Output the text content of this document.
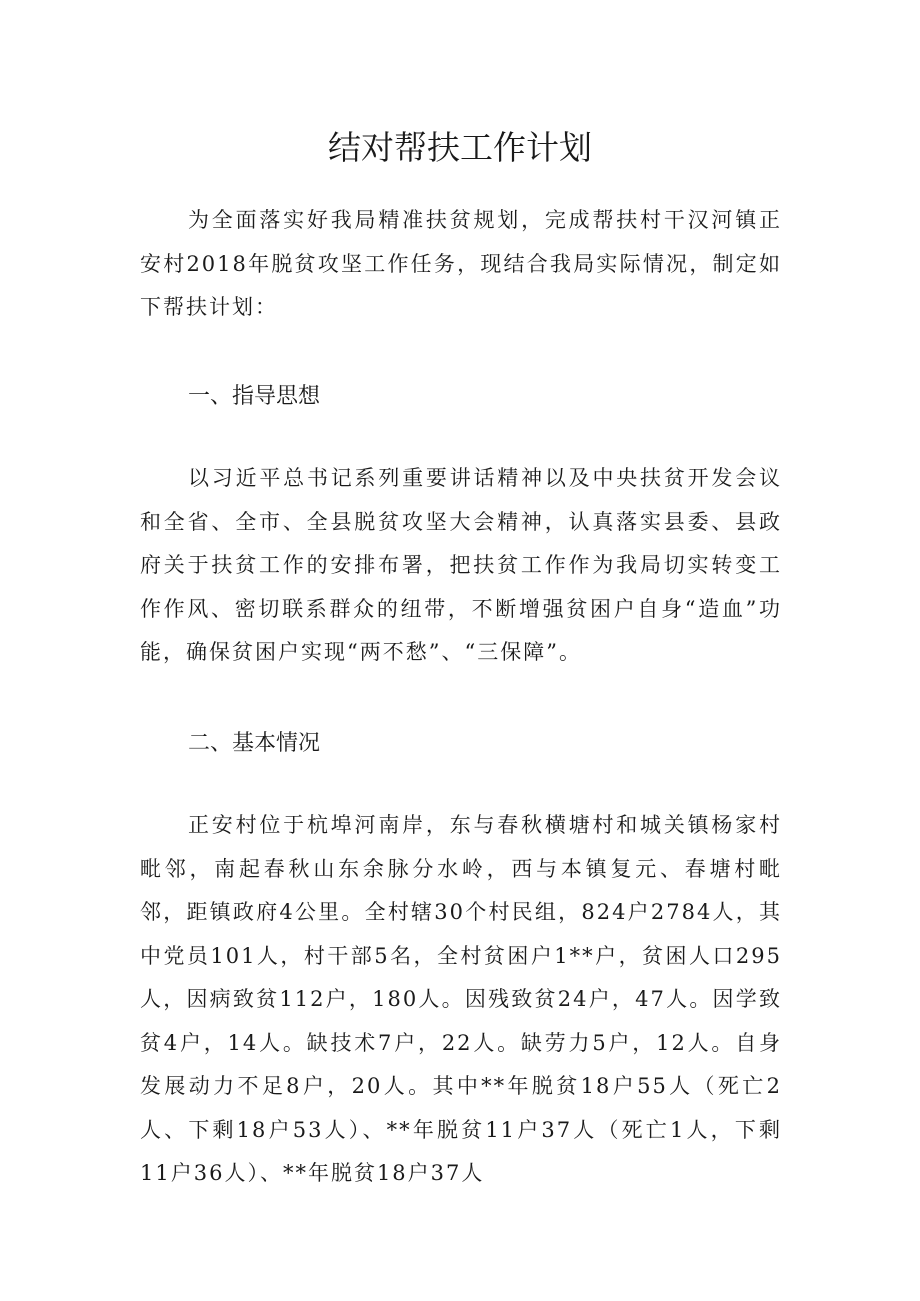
结对帮扶工作计划

为全面落实好我局精准扶贫规划，完成帮扶村干汉河镇正安村2018年脱贫攻坚工作任务，现结合我局实际情况，制定如下帮扶计划：

一、指导思想

以习近平总书记系列重要讲话精神以及中央扶贫开发会议和全省、全市、全县脱贫攻坚大会精神，认真落实县委、县政府关于扶贫工作的安排布署，把扶贫工作作为我局切实转变工作作风、密切联系群众的纽带，不断增强贫困户自身“造血”功能，确保贫困户实现“两不愁”、“三保障”。

二、基本情况

正安村位于杭埠河南岸，东与春秋横塘村和城关镇杨家村毗邻，南起春秋山东余脉分水岭，西与本镇复元、春塘村毗邻，距镇政府4公里。全村辖30个村民组，824户2784人，其中党员101人，村干部5名，全村贫困户1**户，贫困人口295人，因病致贫112户，180人。因残致贫24户，47人。因学致贫4户，14人。缺技术7户，22人。缺劳力5户，12人。自身发展动力不足8户，20人。其中**年脱贫18户55人（死亡2人、下剩18户53人）、**年脱贫11户37人（死亡1人，下剩11户36人）、**年脱贫18户37人
